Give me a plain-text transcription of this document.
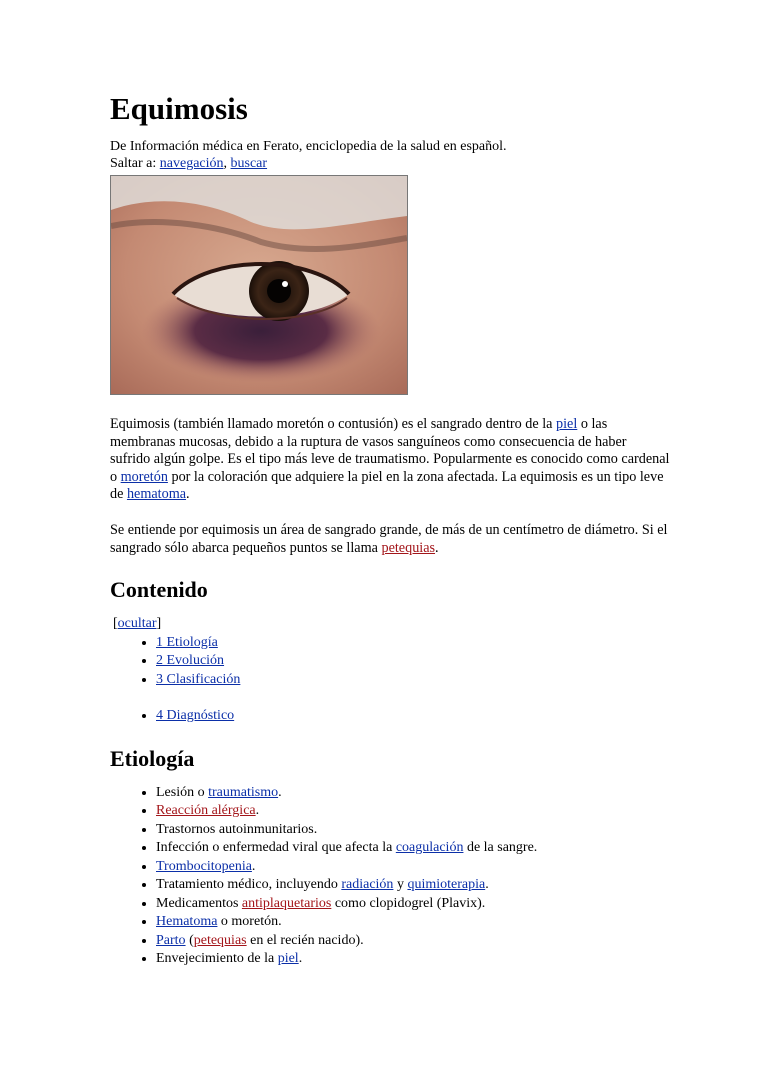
Equimosis

De Información médica en Ferato, enciclopedia de la salud en español.

Saltar a: navegación, buscar

Equimosis (también llamado moretón o contusión) es el sangrado dentro de la piel o las membranas mucosas, debido a la ruptura de vasos sanguíneos como consecuencia de haber sufrido algún golpe. Es el tipo más leve de traumatismo. Popularmente es conocido como cardenal o moretón por la coloración que adquiere la piel en la zona afectada. La equimosis es un tipo leve de hematoma.

Se entiende por equimosis un área de sangrado grande, de más de un centímetro de diámetro. Si el sangrado sólo abarca pequeños puntos se llama petequias.

Contenido
[ocultar]
• 1 Etiología
• 2 Evolución
• 3 Clasificación
• 4 Diagnóstico
Etiología
• Lesión o traumatismo.
• Reacción alérgica.
• Trastornos autoinmunitarios.
• Infección o enfermedad viral que afecta la coagulación de la sangre.
• Trombocitopenia.
• Tratamiento médico, incluyendo radiación y quimioterapia.
• Medicamentos antiplaquetarios como clopidogrel (Plavix).
• Hematoma o moretón.
• Parto (petequias en el recién nacido).
• Envejecimiento de la piel.
